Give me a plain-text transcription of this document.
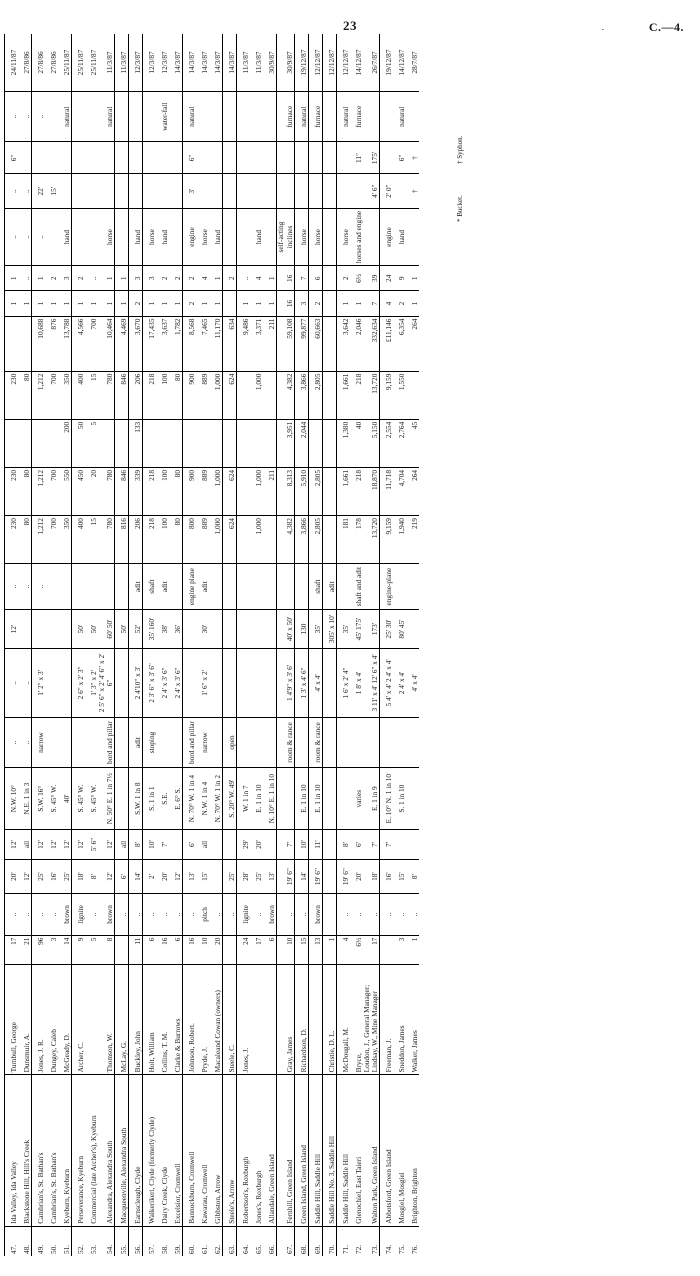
23	.	C.—4.
47.	Ida Valley, Ida Valley	Turnbull, George	17	..	20'	12'	N.W. 10°	..	..	12'	..	230	230		230		1	1	..	..	6"	..	24/11/87
48.	Blackstone Hill, Hill's Creek	Dunsmuir, A.	21	..	12'	all	N.E. 1 in 3	..	..		..	80	80		80		1	..	..	..		..	27/8/86
49.	Cambrian's, St. Bathan's	Jones, J. R.	96	..	25'	12'	S.W. 16°	narrow	1' 2" x 3'		..	1,212	1,212		1,212	10,688	1	1	..	22'		..	27/8/86
50.	Cambrian's, St. Bathan's	Dungey, Caleb	3	..	16'	12'	S. 45° W.					700	700		700	876	1	2		15'			27/8/86
51.	Kyeburn, Kyeburn	McGeady, D.	14	brown	25'	12'	40'					350	550	200	350	13,788	1	3	hand			natural	25/11/87
52.	Perseverance, Kyeburn	Archer, C.	9	lignite	18'	12'	S. 45° W.		2 6" x 2' 3"	50'		400	450	50	400	4,566	1	2					25/11/87
53.	Commercial (late Archer's), Kyeburn		5	..	8'	5' 6"	S. 45° W.		1' 3" x 2'	50'		15	20	5	15	700	1	..					25/11/87
54.	Alexandra, Alexandra South	Thomson, W.	8	brown	12'	12'	N. 50° E. 1 in 7½	bord and pillar	2 5' 6" x 2' 4' 6" x 2' 6"	60' 50'		780	780		780	10,464	1	1	horse			natural	11/3/87
55.	Macqueenville, Alexandra South	McLay, G.		..	6'	all				50'		816	846		846	4,469	1	1					11/3/87
56.	Earnscleugh, Clyde	Buckley, John	11	..	14'	8'	S.W. 1 in 8	adit	2 4'10" x 3'	52'	adit	206	339	133	206	3,670	2	3	hand				12/3/87
57.	Walkerikeri, Clyde (formerly Clyde)	Holt, William	6	..	2'	10'	S. 1 in 1	stoping	2 3' 6" x 3' 6"	35' 160'	shaft	218	218		218	17,435	1	3	horse				12/3/87
58.	Dairy Creek, Clyde	Collins, T. M.	16	..	20'	7'	S.E.		2 4' x 3' 6"	38'	adit	100	100		100	3,637	1	2	hand			water-fall	12/3/87
59.	Excelsior, Cromwell	Clarke & Burrows	6	..	12'		E. 6° S.		2 4' x 3' 6"	36'		80	80		80	1,782	1	2					14/3/87
60.	Bannockburn, Cromwell	Johnson, Robert.	16	..	13'	6'	N. 70° W. 1 in 4	bord and pillar			engine plane	800	900		900	8,568	2	2	engine	3'	6"	natural	14/3/87
61.	Kawarau, Cromwell	Pryde, J.	10	pitch	15'	all	N.W. 1 in 4	narrow	1' 6" x 2'	30'	adit	889	889		889	7,465	1	4	horse				14/3/87
62.	Gibbston, Arrow	Macaleand Cowan (owners)	20	..			N. 70° W. 1 in 2					1,000	1,000		1,000	11,170	1	1	hand				14/3/87
63.	Steele's, Arrow	Steele, C.		..	25'		S. 20° W. 49'	open				624	624		624	634		2					14/3/87
64.	Robertson's, Roxburgh	Jones, J.	24	lignite	28'	29'	W. 1 in 7									9,486	1	..					11/3/87
65.	Jones's, Roxburgh		17	..	25'	20'	E. 1 in 10					1,000	1,000		1,000	3,371	1	4	hand				11/3/87
66.	Allandale, Green Island		6	brown	13'		N. 10° E. 1 in 10						211			211	1	1					30/9/87
67.	Fernhill, Green Island	Gray, James	10	..	19' 6"	7'		room & rance	1 4'9" x 3' 6'	40' x 50'		4,382	8,313	3,951	4,382	59,108	16	16	self-acting inclines			furnace	30/9/87
68.	Green Island, Green Island	Richardson, D.	15	..	14'	10'	E. 1 in 10		1 3' x 4' 6"	130		3,866	5,910	2,044	3,866	99,877	3	7	horse			natural	19/12/87
69.	Saddle Hill, Saddle Hill		13	brown	19' 6"	11'	E. 1 in 10	room & rance	4' x 4'	35'	shaft	2,805	2,805		2,805	60,663	2	6	horse			furnace	12/12/87
70.	Saddle Hill No. 3, Saddle Hill	Christie, D. L.	1							305' x 10'	adit												12/12/87
71.	Saddle Hill, Saddle Hill	McDougall, M.	4	..	19' 6"	8'			1 6' x 2' 4"	35'		181	1,661	1,380	1,661	3,642	1	2	horse			natural	12/12/87
72.	Glenochiel, East Taieri	Bryce,	6½	..	20'	6'	varies		1 8' x 4'	45' 175'	shaft and adit	178	218	40	218	2,046	1	6½	horses and engine		11"	furnace	14/12/87
73.	Walton Park, Green Island	Loudon, J., General Manager; Lindsay, W., Mine Manager	17	..	18'	7'	E. 1 in 9		3 11' x 4' 12' 6" x 4'	173'		13,720	18,870	5,150	13,720	332,634	7	39		4' 6"	175'		26/7/87
74.	Abbotsford, Green Island	Freeman, J.		..	16'	7'	E. 10° N. 1 in 10		5 4' x 4' 2 4' x 4'	25' 30'	engine-plane	9,159	11,718	2,554	9,159	£11,146	4	24	engine	2' 0"			19/12/87
75.	Mosgiel, Mosgiel	Sneddon, James	3	..	15'		S. 1 in 10		2 4' x 4'	80' 45'		1,940	4,704	2,764	1,550	6,354	2	9	hand		6"	natural	14/12/87
76.	Brighton, Brighton	Walker, James	1	..	8'				4' x 4'			219	264	45		264	1	1		†	†		28/7/87
* Bucket.
† Syphon.
